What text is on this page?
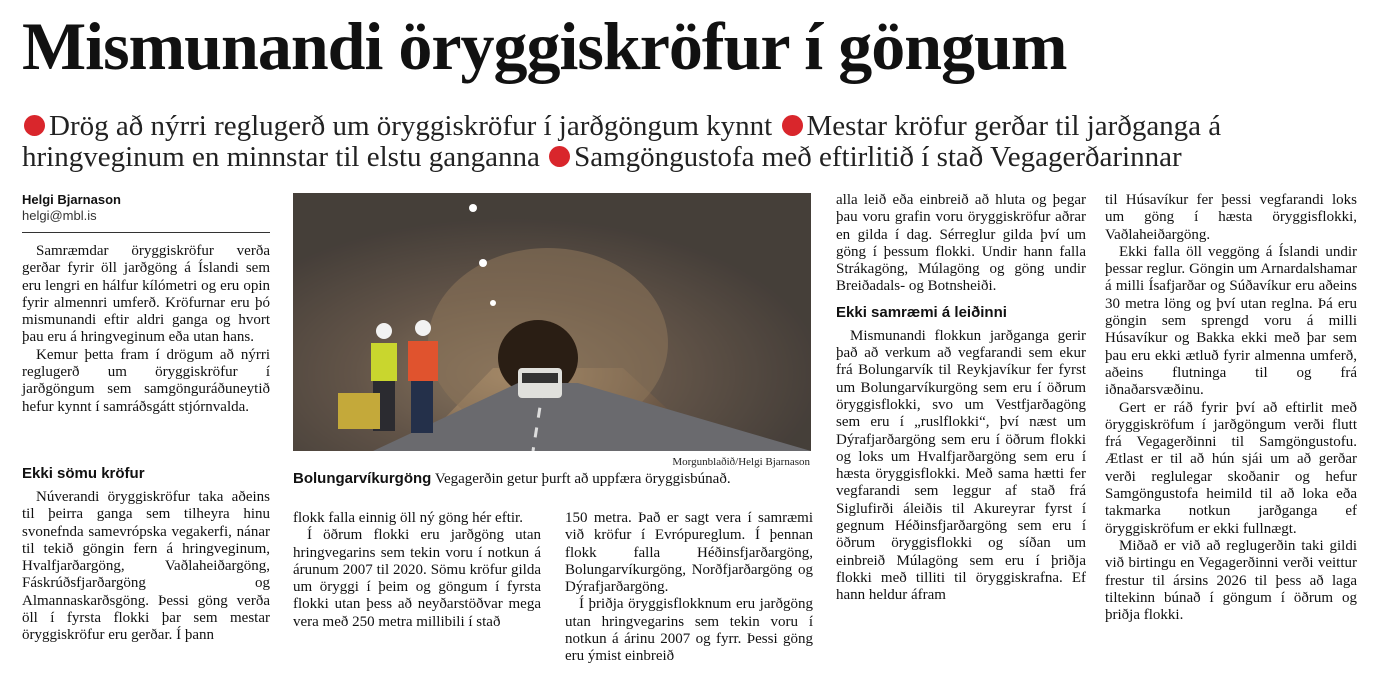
Mismunandi öryggiskröfur í göngum
Drög að nýrri reglugerð um öryggiskröfur í jarðgöngum kynnt Mestar kröfur gerðar til jarðganga á hringveginum en minnstar til elstu ganganna Samgöngustofa með eftirlitið í stað Vegagerðarinnar
Helgi Bjarnason
helgi@mbl.is

Samræmdar öryggiskröfur verða gerðar fyrir öll jarðgöng á Íslandi sem eru lengri en hálfur kílómetri og eru opin fyrir almennri umferð. Kröfurnar eru þó mismunandi eftir aldri ganga og hvort þau eru á hringveginum eða utan hans.

Kemur þetta fram í drögum að nýrri reglugerð um öryggiskröfur í jarðgöngum sem samgönguráðuneytið hefur kynnt í samráðsgátt stjórnvalda.

Ekki sömu kröfur

Núverandi öryggiskröfur taka aðeins til þeirra ganga sem tilheyra hinu svonefnda samevrópska vegakerfi, nánar til tekið göngin fern á hringveginum, Hvalfjarðargöng, Vaðlaheiðargöng, Fáskrúðsfjarðargöng og Almannaskarðsgöng. Þessi göng verða öll í fyrsta flokki þar sem mestar öryggiskröfur eru gerðar. Í þann

Morgunblaðið/Helgi Bjarnason
Bolungarvíkurgöng Vegagerðin getur þurft að uppfæra öryggisbúnað.

flokk falla einnig öll ný göng hér eftir.

Í öðrum flokki eru jarðgöng utan hringvegarins sem tekin voru í notkun á árunum 2007 til 2020. Sömu kröfur gilda um öryggi í þeim og göngum í fyrsta flokki utan þess að neyðarstöðvar mega vera með 250 metra millibili í stað

150 metra. Það er sagt vera í samræmi við kröfur í Evrópureglum. Í þennan flokk falla Héðinsfjarðargöng, Bolungarvíkurgöng, Norðfjarðargöng og Dýrafjarðargöng.

Í þriðja öryggisflokknum eru jarðgöng utan hringvegarins sem tekin voru í notkun á árinu 2007 og fyrr. Þessi göng eru ýmist einbreið

alla leið eða einbreið að hluta og þegar þau voru grafin voru öryggiskröfur aðrar en gilda í dag. Sérreglur gilda því um göng í þessum flokki. Undir hann falla Strákagöng, Múlagöng og göng undir Breiðadals- og Botnsheiði.

Ekki samræmi á leiðinni

Mismunandi flokkun jarðganga gerir það að verkum að vegfarandi sem ekur frá Bolungarvík til Reykjavíkur fer fyrst um Bolungarvíkurgöng sem eru í öðrum öryggisflokki, svo um Vestfjarðagöng sem eru í „ruslflokki“, því næst um Dýrafjarðargöng sem eru í öðrum flokki og loks um Hvalfjarðargöng sem eru í hæsta öryggisflokki. Með sama hætti fer vegfarandi sem leggur af stað frá Siglufirði áleiðis til Akureyrar fyrst í gegnum Héðinsfjarðargöng sem eru í öðrum öryggisflokki og síðan um einbreið Múlagöng sem eru í þriðja flokki með tilliti til öryggiskrafna. Ef hann heldur áfram

til Húsavíkur fer þessi vegfarandi loks um göng í hæsta öryggisflokki, Vaðlaheiðargöng.

Ekki falla öll veggöng á Íslandi undir þessar reglur. Göngin um Arnardalshamar á milli Ísafjarðar og Súðavíkur eru aðeins 30 metra löng og því utan reglna. Þá eru göngin sem sprengd voru á milli Húsavíkur og Bakka ekki með þar sem þau eru ekki ætluð fyrir almenna umferð, aðeins flutninga til og frá iðnaðarsvæðinu.

Gert er ráð fyrir því að eftirlit með öryggiskröfum í jarðgöngum verði flutt frá Vegagerðinni til Samgöngustofu. Ætlast er til að hún sjái um að gerðar verði reglulegar skoðanir og hefur Samgöngustofa heimild til að loka eða takmarka notkun jarðganga ef öryggiskröfum er ekki fullnægt.

Miðað er við að reglugerðin taki gildi við birtingu en Vegagerðinni verði veittur frestur til ársins 2026 til þess að laga tiltekinn búnað í göngum í öðrum og þriðja flokki.
